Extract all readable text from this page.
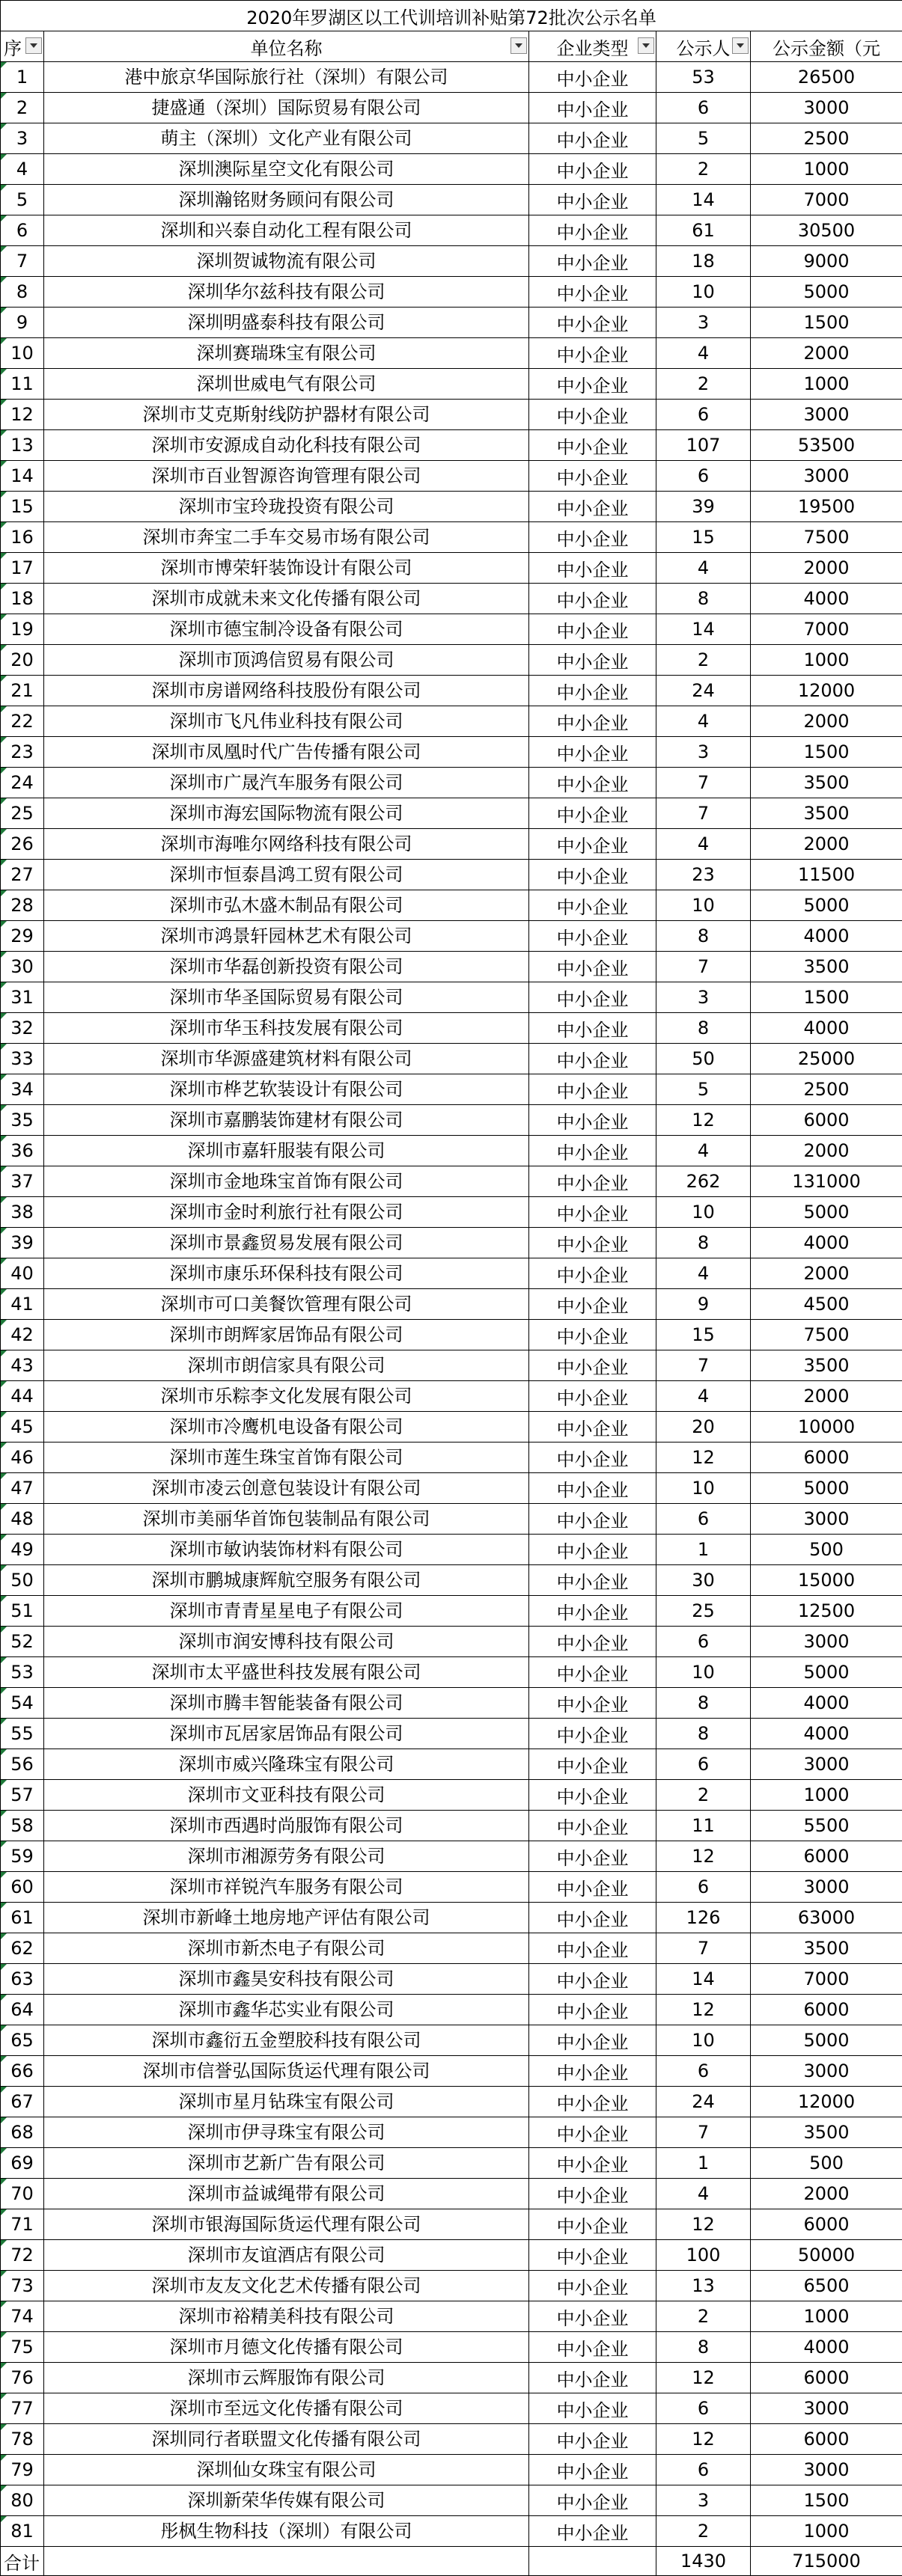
2020年罗湖区以工代训培训补贴第72批次公示名单				
序	单位名称	企业类型	公示人	公示金额（元

1	港中旅京华国际旅行社（深圳）有限公司	中小企业	53	26500

2	捷盛通（深圳）国际贸易有限公司	中小企业	6	3000

3	萌主（深圳）文化产业有限公司	中小企业	5	2500

4	深圳澳际星空文化有限公司	中小企业	2	1000

5	深圳瀚铭财务顾问有限公司	中小企业	14	7000

6	深圳和兴泰自动化工程有限公司	中小企业	61	30500

7	深圳贺诚物流有限公司	中小企业	18	9000

8	深圳华尔兹科技有限公司	中小企业	10	5000

9	深圳明盛泰科技有限公司	中小企业	3	1500

10	深圳赛瑞珠宝有限公司	中小企业	4	2000

11	深圳世威电气有限公司	中小企业	2	1000

12	深圳市艾克斯射线防护器材有限公司	中小企业	6	3000

13	深圳市安源成自动化科技有限公司	中小企业	107	53500

14	深圳市百业智源咨询管理有限公司	中小企业	6	3000

15	深圳市宝玲珑投资有限公司	中小企业	39	19500

16	深圳市奔宝二手车交易市场有限公司	中小企业	15	7500

17	深圳市博荣轩装饰设计有限公司	中小企业	4	2000

18	深圳市成就未来文化传播有限公司	中小企业	8	4000

19	深圳市德宝制冷设备有限公司	中小企业	14	7000

20	深圳市顶鸿信贸易有限公司	中小企业	2	1000

21	深圳市房谱网络科技股份有限公司	中小企业	24	12000

22	深圳市飞凡伟业科技有限公司	中小企业	4	2000

23	深圳市凤凰时代广告传播有限公司	中小企业	3	1500

24	深圳市广晟汽车服务有限公司	中小企业	7	3500

25	深圳市海宏国际物流有限公司	中小企业	7	3500

26	深圳市海唯尔网络科技有限公司	中小企业	4	2000

27	深圳市恒泰昌鸿工贸有限公司	中小企业	23	11500

28	深圳市弘木盛木制品有限公司	中小企业	10	5000

29	深圳市鸿景轩园林艺术有限公司	中小企业	8	4000

30	深圳市华磊创新投资有限公司	中小企业	7	3500

31	深圳市华圣国际贸易有限公司	中小企业	3	1500

32	深圳市华玉科技发展有限公司	中小企业	8	4000

33	深圳市华源盛建筑材料有限公司	中小企业	50	25000

34	深圳市桦艺软装设计有限公司	中小企业	5	2500

35	深圳市嘉鹏装饰建材有限公司	中小企业	12	6000

36	深圳市嘉轩服装有限公司	中小企业	4	2000

37	深圳市金地珠宝首饰有限公司	中小企业	262	131000

38	深圳市金时利旅行社有限公司	中小企业	10	5000

39	深圳市景鑫贸易发展有限公司	中小企业	8	4000

40	深圳市康乐环保科技有限公司	中小企业	4	2000

41	深圳市可口美餐饮管理有限公司	中小企业	9	4500

42	深圳市朗辉家居饰品有限公司	中小企业	15	7500

43	深圳市朗信家具有限公司	中小企业	7	3500

44	深圳市乐粽李文化发展有限公司	中小企业	4	2000

45	深圳市冷鹰机电设备有限公司	中小企业	20	10000

46	深圳市莲生珠宝首饰有限公司	中小企业	12	6000

47	深圳市凌云创意包装设计有限公司	中小企业	10	5000

48	深圳市美丽华首饰包装制品有限公司	中小企业	6	3000

49	深圳市敏讷装饰材料有限公司	中小企业	1	500

50	深圳市鹏城康辉航空服务有限公司	中小企业	30	15000

51	深圳市青青星星电子有限公司	中小企业	25	12500

52	深圳市润安博科技有限公司	中小企业	6	3000

53	深圳市太平盛世科技发展有限公司	中小企业	10	5000

54	深圳市腾丰智能装备有限公司	中小企业	8	4000

55	深圳市瓦居家居饰品有限公司	中小企业	8	4000

56	深圳市威兴隆珠宝有限公司	中小企业	6	3000

57	深圳市文亚科技有限公司	中小企业	2	1000

58	深圳市西遇时尚服饰有限公司	中小企业	11	5500

59	深圳市湘源劳务有限公司	中小企业	12	6000

60	深圳市祥锐汽车服务有限公司	中小企业	6	3000

61	深圳市新峰土地房地产评估有限公司	中小企业	126	63000

62	深圳市新杰电子有限公司	中小企业	7	3500

63	深圳市鑫昊安科技有限公司	中小企业	14	7000

64	深圳市鑫华芯实业有限公司	中小企业	12	6000

65	深圳市鑫衍五金塑胶科技有限公司	中小企业	10	5000

66	深圳市信誉弘国际货运代理有限公司	中小企业	6	3000

67	深圳市星月钻珠宝有限公司	中小企业	24	12000

68	深圳市伊寻珠宝有限公司	中小企业	7	3500

69	深圳市艺新广告有限公司	中小企业	1	500

70	深圳市益诚绳带有限公司	中小企业	4	2000

71	深圳市银海国际货运代理有限公司	中小企业	12	6000

72	深圳市友谊酒店有限公司	中小企业	100	50000

73	深圳市友友文化艺术传播有限公司	中小企业	13	6500

74	深圳市裕精美科技有限公司	中小企业	2	1000

75	深圳市月德文化传播有限公司	中小企业	8	4000

76	深圳市云辉服饰有限公司	中小企业	12	6000

77	深圳市至远文化传播有限公司	中小企业	6	3000

78	深圳同行者联盟文化传播有限公司	中小企业	12	6000

79	深圳仙女珠宝有限公司	中小企业	6	3000

80	深圳新荣华传媒有限公司	中小企业	3	1500

81	彤枫生物科技（深圳）有限公司	中小企业	2	1000
合计			1430	715000
